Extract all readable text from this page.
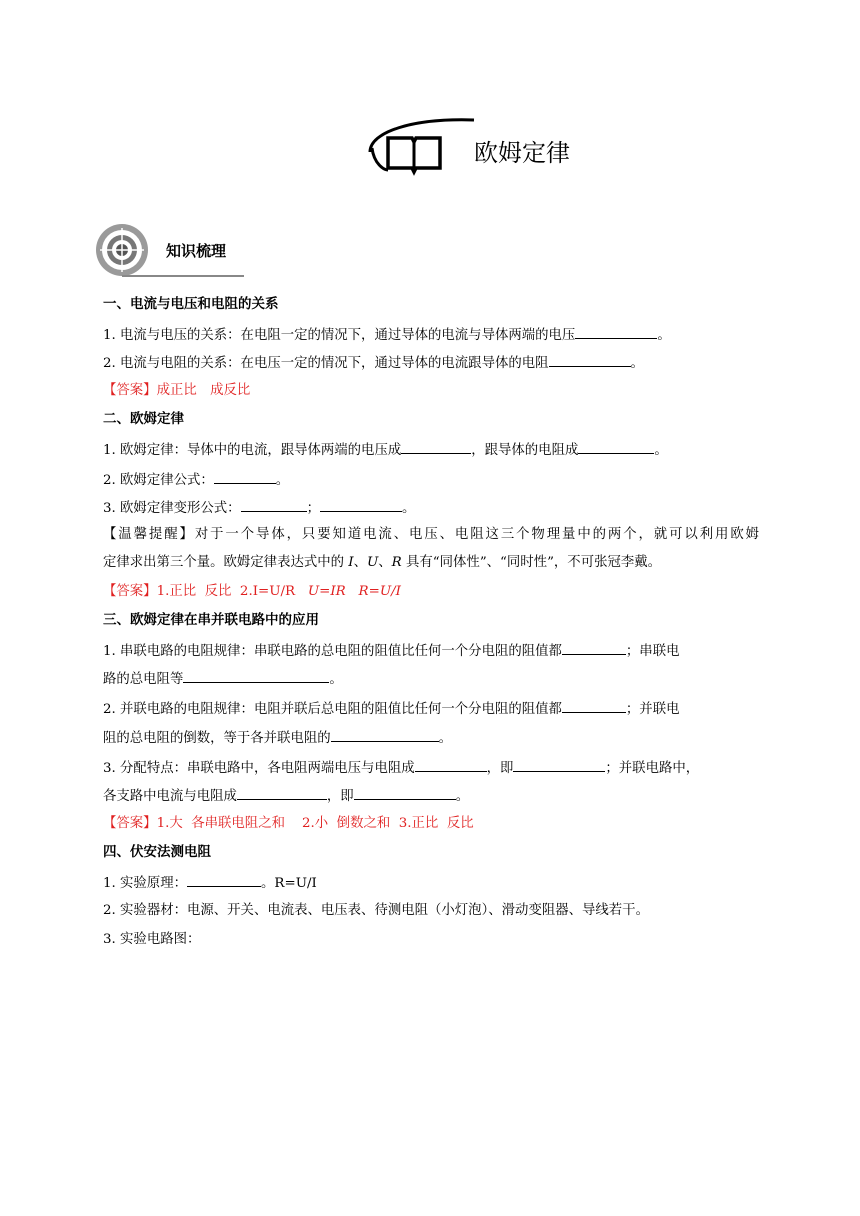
欧姆定律
知识梳理
一、电流与电压和电阻的关系
1. 电流与电压的关系：在电阻一定的情况下，通过导体的电流与导体两端的电压	。
2. 电流与电阻的关系：在电压一定的情况下，通过导体的电流跟导体的电阻	。
【答案】成正比　成反比
二、欧姆定律
1. 欧姆定律：导体中的电流，跟导体两端的电压成	，跟导体的电阻成	。
2. 欧姆定律公式：	。
3. 欧姆定律变形公式：	；	。
【温馨提醒】对于一个导体，只要知道电流、电压、电阻这三个物理量中的两个，就可以利用欧姆
定律求出第三个量。欧姆定律表达式中的 I、U、R 具有“同体性”、“同时性”，不可张冠李戴。
【答案】1.正比  反比  2.I=U/R   U=IR R=U/I
三、欧姆定律在串并联电路中的应用
1. 串联电路的电阻规律：串联电路的总电阻的阻值比任何一个分电阻的阻值都	；串联电
路的总电阻等	。
2. 并联电路的电阻规律：电阻并联后总电阻的阻值比任何一个分电阻的阻值都	；并联电
阻的总电阻的倒数，等于各并联电阻的	。
3. 分配特点：串联电路中，各电阻两端电压与电阻成	，即	；并联电路中，
各支路中电流与电阻成	，即	。
【答案】1.大  各串联电阻之和    2.小  倒数之和  3.正比  反比
四、伏安法测电阻
1. 实验原理：	。R=U/I
2. 实验器材：电源、开关、电流表、电压表、待测电阻（小灯泡）、滑动变阻器、导线若干。
3. 实验电路图：
